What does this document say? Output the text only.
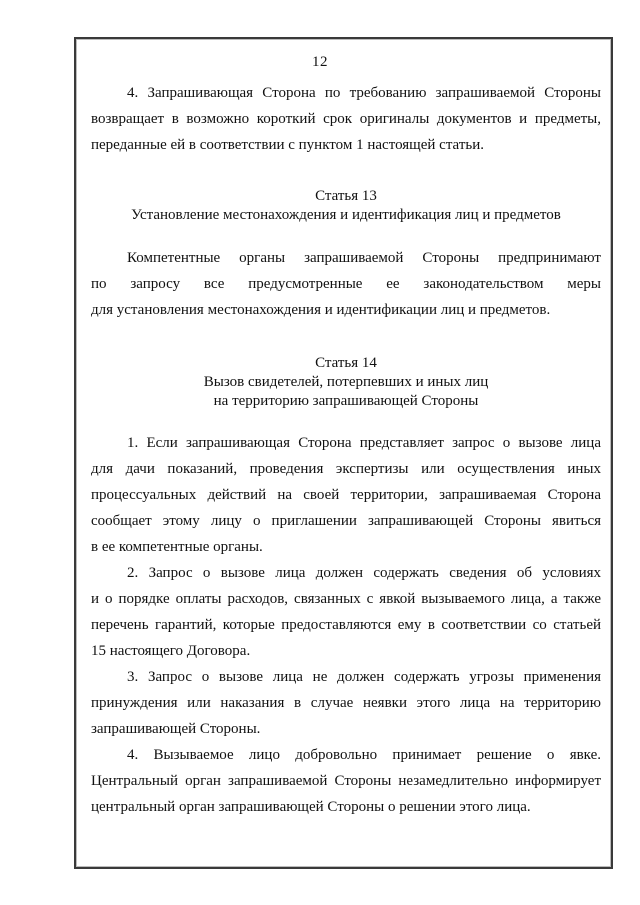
12
4. Запрашивающая Сторона по требованию запрашиваемой Стороны
возвращает в возможно короткий срок оригиналы документов и предметы,
переданные ей в соответствии с пунктом 1 настоящей статьи.
Статья 13
Установление местонахождения и идентификация лиц и предметов
Компетентные органы запрашиваемой Стороны предпринимают
по запросу все предусмотренные ее законодательством меры
для установления местонахождения и идентификации лиц и предметов.
Статья 14
Вызов свидетелей, потерпевших и иных лиц
на территорию запрашивающей Стороны
1. Если запрашивающая Сторона представляет запрос о вызове лица
для дачи показаний, проведения экспертизы или осуществления иных
процессуальных действий на своей территории, запрашиваемая Сторона
сообщает этому лицу о приглашении запрашивающей Стороны явиться
в ее компетентные органы.
2. Запрос о вызове лица должен содержать сведения об условиях
и о порядке оплаты расходов, связанных с явкой вызываемого лица, а также
перечень гарантий, которые предоставляются ему в соответствии со статьей
15 настоящего Договора.
3. Запрос о вызове лица не должен содержать угрозы применения
принуждения или наказания в случае неявки этого лица на территорию
запрашивающей Стороны.
4. Вызываемое лицо добровольно принимает решение о явке.
Центральный орган запрашиваемой Стороны незамедлительно информирует
центральный орган запрашивающей Стороны о решении этого лица.
